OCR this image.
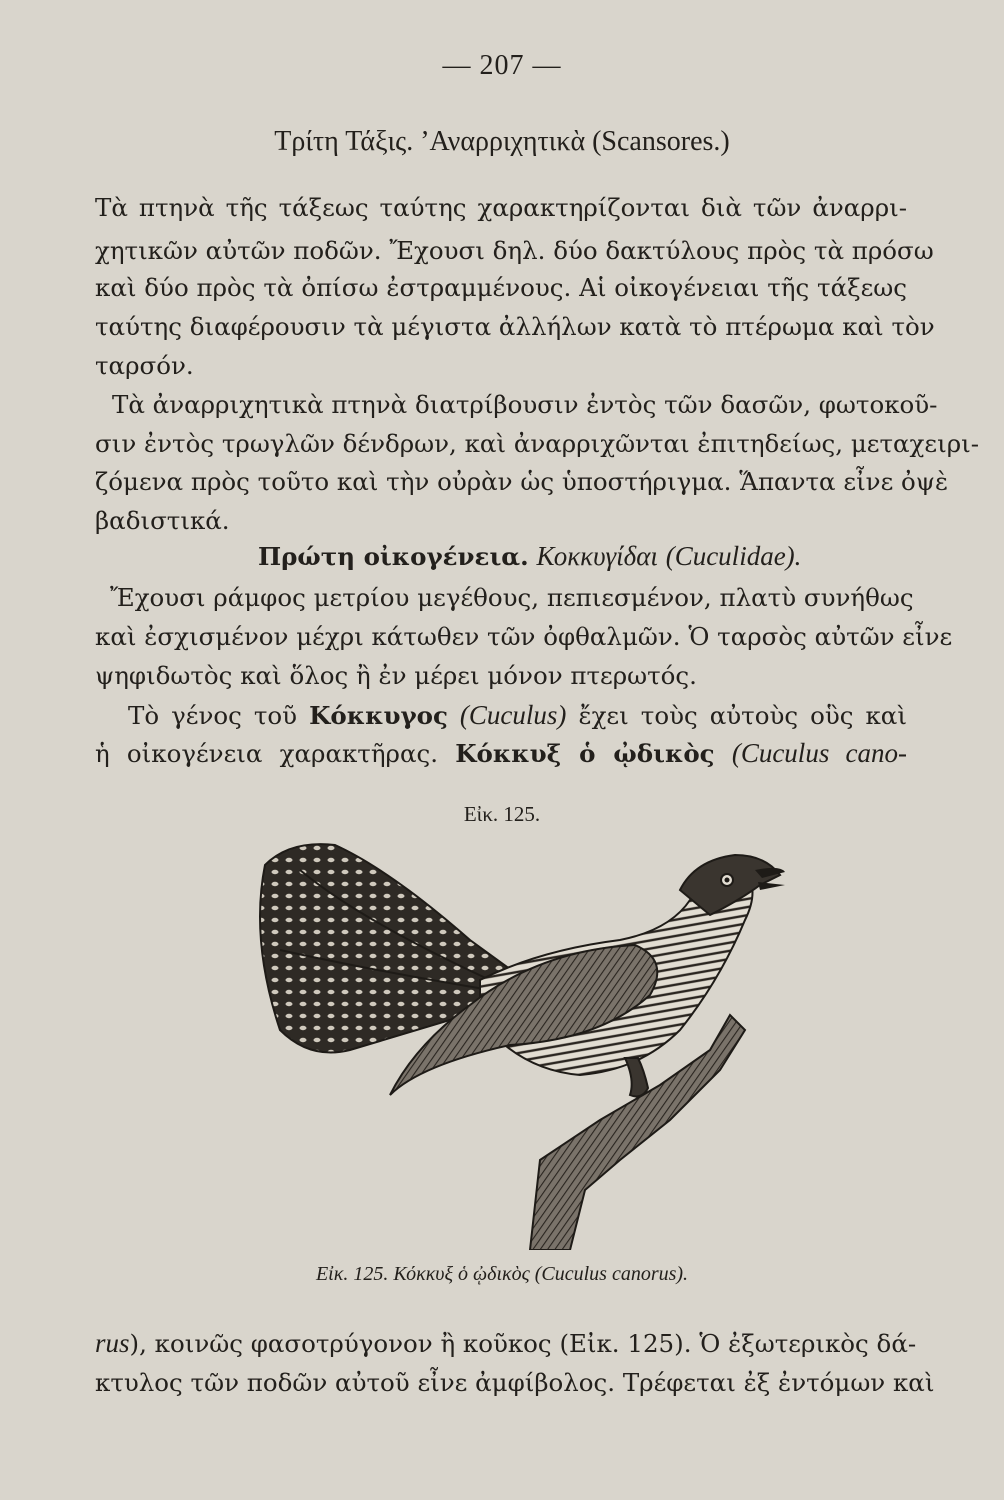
— 207 —
Τρίτη Τάξις. ’Αναρριχητικὰ (Scansores.)
Τὰ πτηνὰ τῆς τάξεως ταύτης χαρακτηρίζονται διὰ τῶν ἀναρρι-
χητικῶν αὐτῶν ποδῶν. Ἔχουσι δηλ. δύο δακτύλους πρὸς τὰ πρόσω
καὶ δύο πρὸς τὰ ὀπίσω ἐστραμμένους. Αἱ οἰκογένειαι τῆς τάξεως
ταύτης διαφέρουσιν τὰ μέγιστα ἀλλήλων κατὰ τὸ πτέρωμα καὶ τὸν
ταρσόν.
Τὰ ἀναρριχητικὰ πτηνὰ διατρίβουσιν ἐντὸς τῶν δασῶν, φωτοκοῦ-
σιν ἐντὸς τρωγλῶν δένδρων, καὶ ἀναρριχῶνται ἐπιτηδείως, μεταχειρι-
ζόμενα πρὸς τοῦτο καὶ τὴν οὐρὰν ὡς ὑποστήριγμα. Ἅπαντα εἶνε ὀψὲ
βαδιστικά.
Πρώτη οἰκογένεια. Κοκκυγίδαι (Cuculidae).
Ἔχουσι ράμφος μετρίου μεγέθους, πεπιεσμένον, πλατὺ συνήθως
καὶ ἐσχισμένον μέχρι κάτωθεν τῶν ὀφθαλμῶν. Ὁ ταρσὸς αὐτῶν εἶνε
ψηφιδωτὸς καὶ ὅλος ἢ ἐν μέρει μόνον πτερωτός.
Τὸ γένος τοῦ Κόκκυγος (Cuculus) ἔχει τοὺς αὐτοὺς οὓς καὶ
ἡ οἰκογένεια χαρακτῆρας. Κόκκυξ ὁ ᾠδικὸς (Cuculus cano-
Εἰκ. 125.
Εἰκ. 125. Κόκκυξ ὁ ᾠδικὸς (Cuculus canorus).
rus), κοινῶς φασοτρύγονον ἢ κοῦκος (Εἰκ. 125). Ὁ ἐξωτερικὸς δά-
κτυλος τῶν ποδῶν αὐτοῦ εἶνε ἀμφίβολος. Τρέφεται ἐξ ἐντόμων καὶ
